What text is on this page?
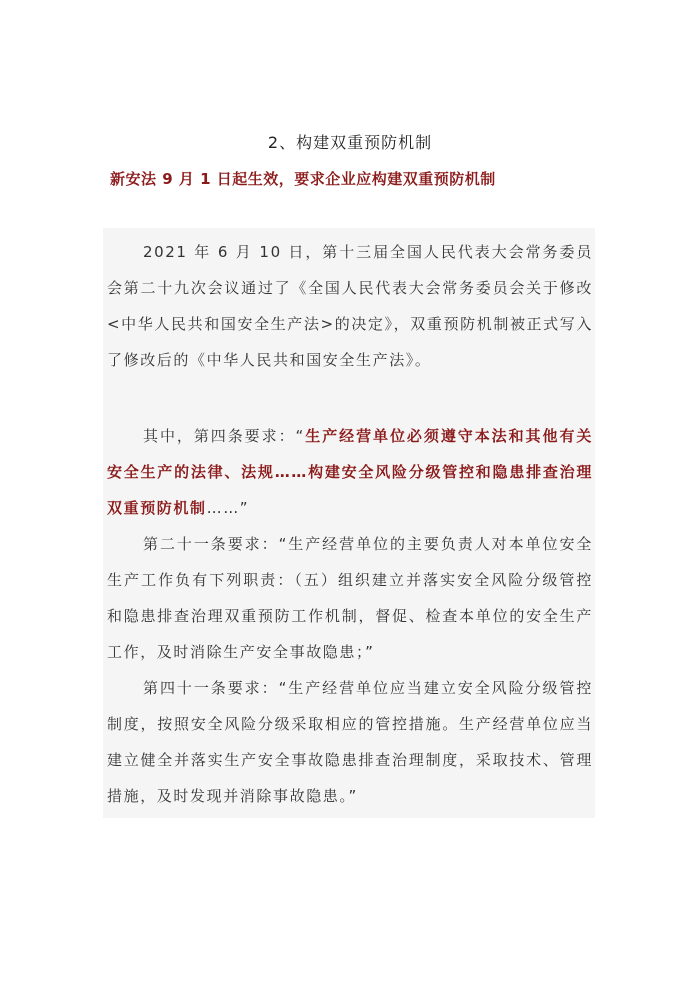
2、构建双重预防机制
新安法 9 月 1 日起生效，要求企业应构建双重预防机制
2021 年 6 月 10 日，第十三届全国人民代表大会常务委员会第二十九次会议通过了《全国人民代表大会常务委员会关于修改<中华人民共和国安全生产法>的决定》，双重预防机制被正式写入了修改后的《中华人民共和国安全生产法》。
其中，第四条要求：“生产经营单位必须遵守本法和其他有关安全生产的法律、法规……构建安全风险分级管控和隐患排查治理双重预防机制……”
第二十一条要求：“生产经营单位的主要负责人对本单位安全生产工作负有下列职责：（五）组织建立并落实安全风险分级管控和隐患排查治理双重预防工作机制，督促、检查本单位的安全生产工作，及时消除生产安全事故隐患；”
第四十一条要求：“生产经营单位应当建立安全风险分级管控制度，按照安全风险分级采取相应的管控措施。生产经营单位应当建立健全并落实生产安全事故隐患排查治理制度，采取技术、管理措施，及时发现并消除事故隐患。”
